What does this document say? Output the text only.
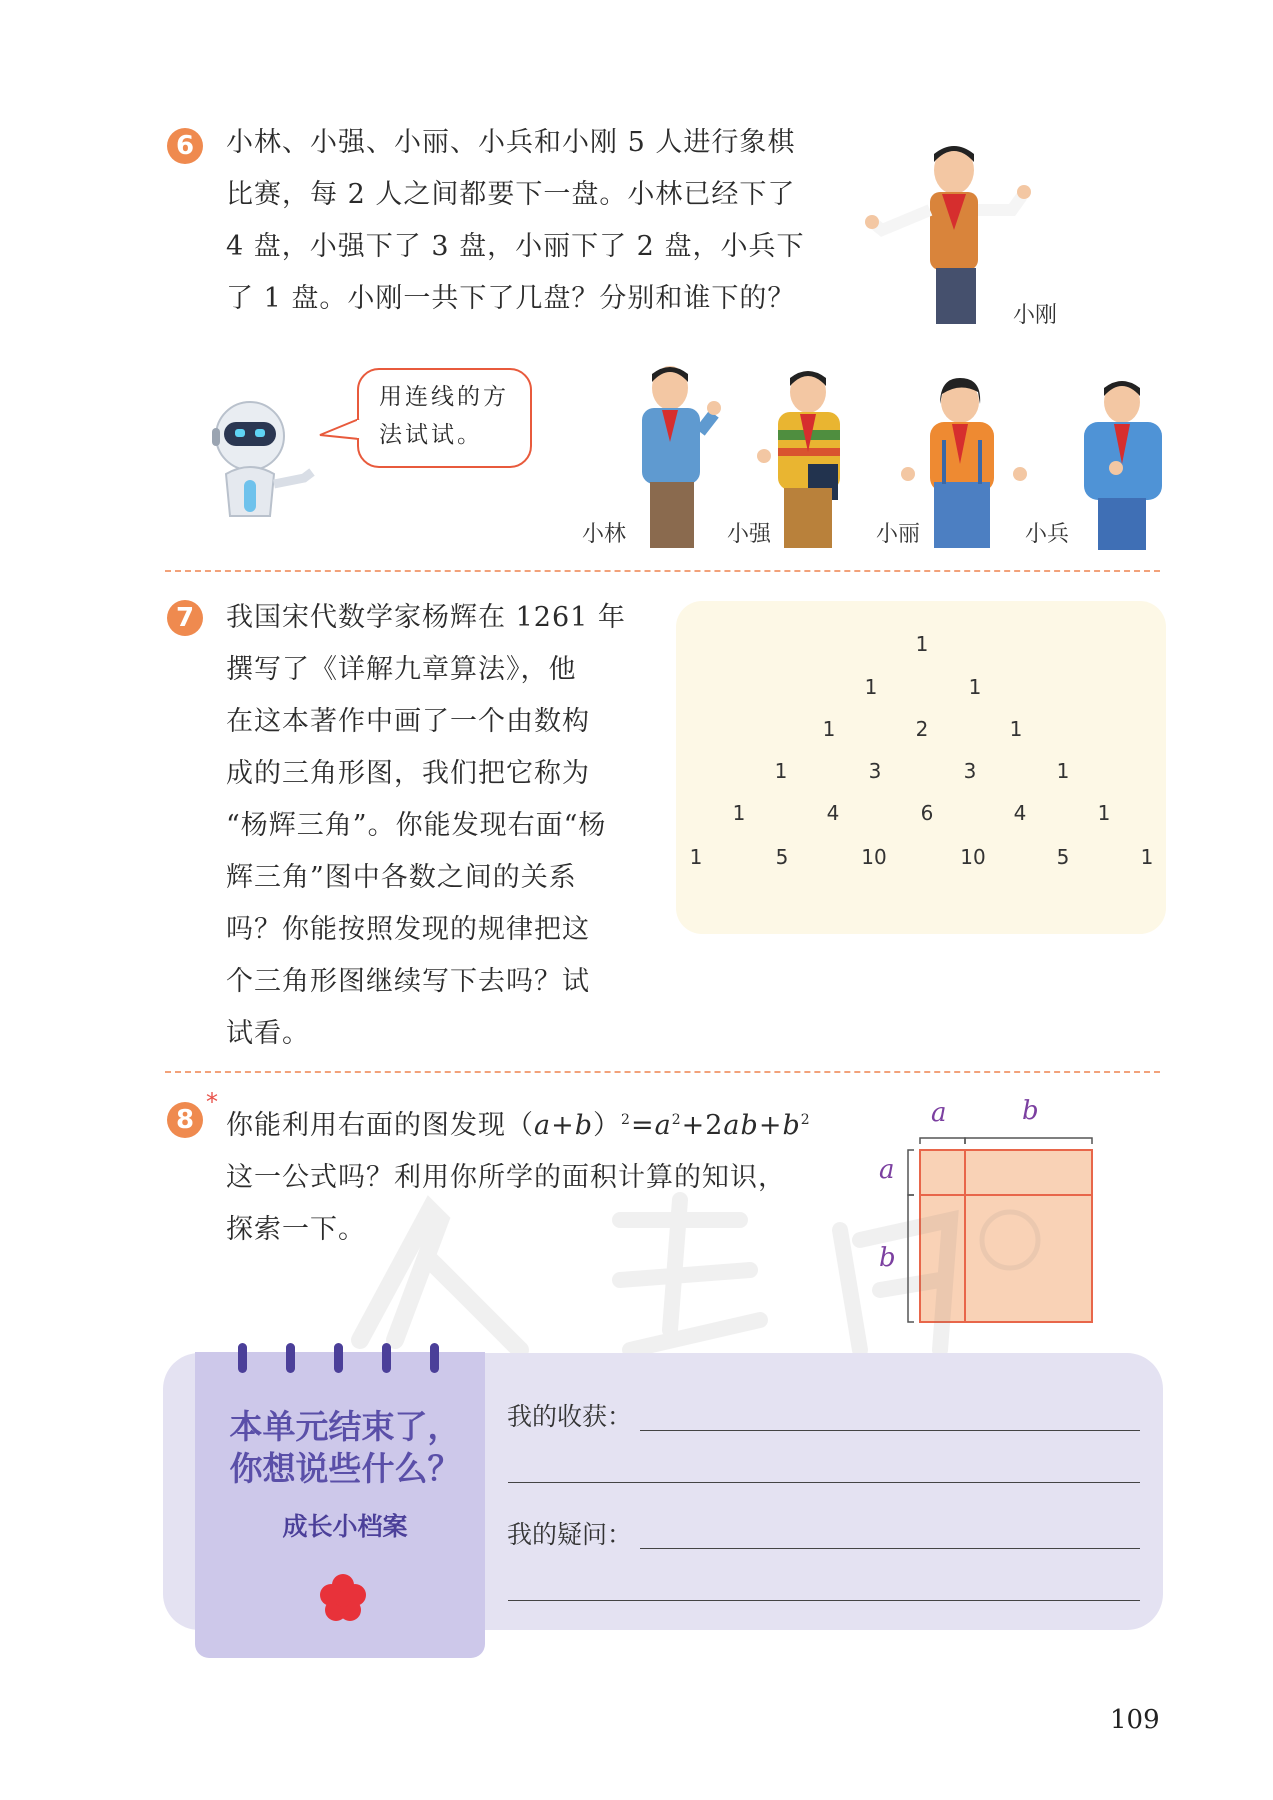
6	小林、小强、小丽、小兵和小刚 5 人进行象棋
比赛，每 2 人之间都要下一盘。小林已经下了
4 盘，小强下了 3 盘，小丽下了 2 盘，小兵下
了 1 盘。小刚一共下了几盘？分别和谁下的？
小刚
用连线的方
法试试。
小林	小强	小丽	小兵
7	我国宋代数学家杨辉在 1261 年
撰写了《详解九章算法》，他
在这本著作中画了一个由数构
成的三角形图，我们把它称为
“杨辉三角”。你能发现右面“杨
辉三角”图中各数之间的关系
吗？你能按照发现的规律把这
个三角形图继续写下去吗？试
试看。
1
1	1
1	2	1
1	3	3	1
1	4	6	4	1
1	5	10	10	5	1
8
*
你能利用右面的图发现$(a+b)^2=a^2+2ab+b^2$
这一公式吗？利用你所学的面积计算的知识，
探索一下。
a	b
a
b
本单元结束了，
你想说些什么？
成长小档案
我的收获：
我的疑问：
109
